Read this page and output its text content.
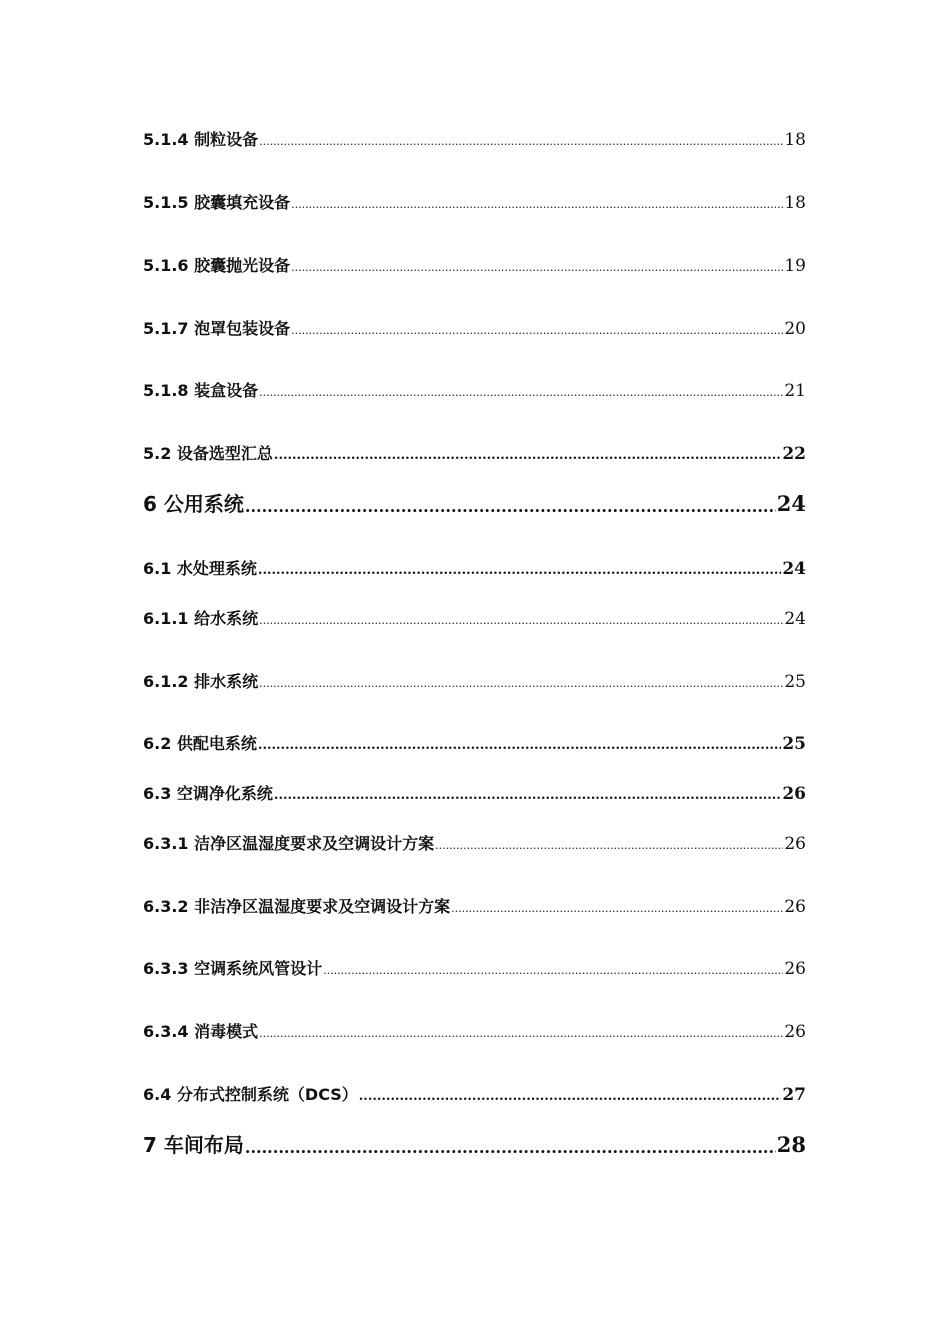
5.1.4 制粒设备 .....	18
5.1.5 胶囊填充设备 .....	18
5.1.6 胶囊抛光设备 .....	19
5.1.7 泡罩包装设备 .....	20
5.1.8 装盒设备 .....	21
5.2 设备选型汇总 .....	22
6 公用系统 .....	24
6.1 水处理系统 .....	24
6.1.1 给水系统 .....	24
6.1.2 排水系统 .....	25
6.2 供配电系统 .....	25
6.3 空调净化系统 .....	26
6.3.1 洁净区温湿度要求及空调设计方案 .....	26
6.3.2 非洁净区温湿度要求及空调设计方案 .....	26
6.3.3 空调系统风管设计 .....	26
6.3.4 消毒模式 .....	26
6.4 分布式控制系统（DCS） .....	27
7 车间布局 .....	28
